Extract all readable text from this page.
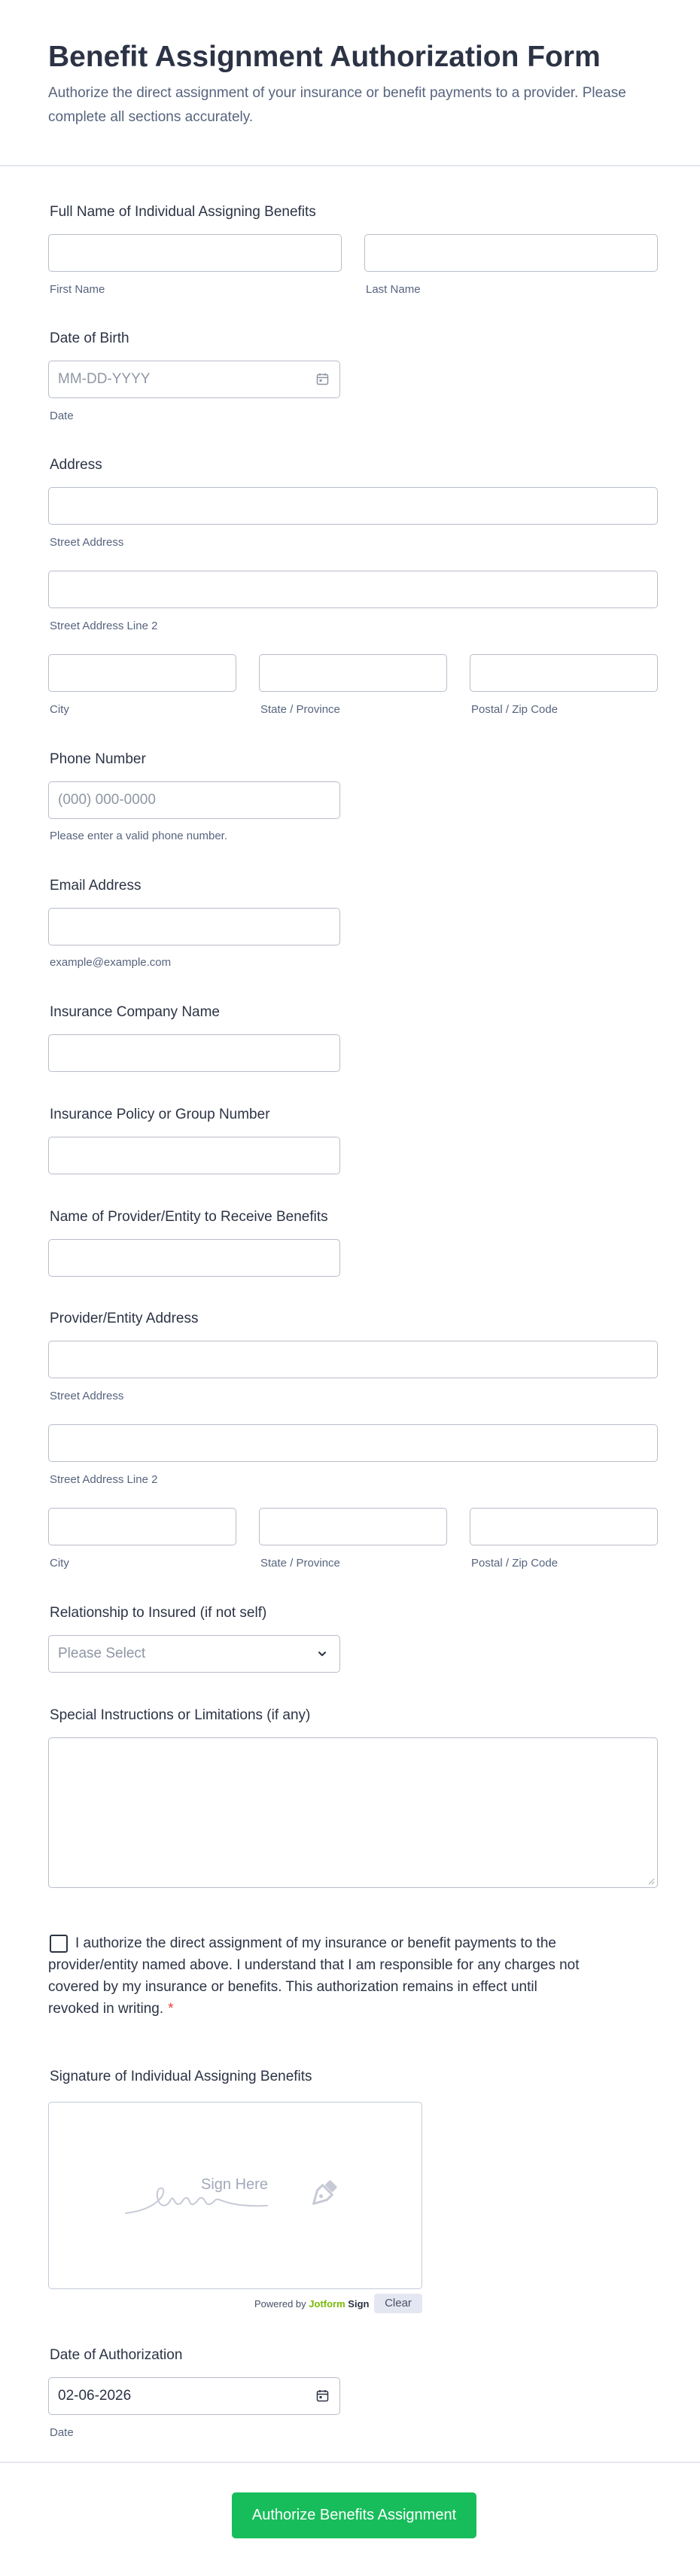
Benefit Assignment Authorization Form

Authorize the direct assignment of your insurance or benefit payments to a provider. Please complete all sections accurately.

Full Name of Individual Assigning Benefits
First Name	Last Name
Date of Birth
MM-DD-YYYY
Date
Address
Street Address
Street Address Line 2
City	State / Province	Postal / Zip Code
Phone Number
(000) 000-0000
Please enter a valid phone number.
Email Address
example@example.com
Insurance Company Name
Insurance Policy or Group Number
Name of Provider/Entity to Receive Benefits
Provider/Entity Address
Street Address
Street Address Line 2
City	State / Province	Postal / Zip Code
Relationship to Insured (if not self)
Please Select
Special Instructions or Limitations (if any)
I authorize the direct assignment of my insurance or benefit payments to the provider/entity named above. I understand that I am responsible for any charges not covered by my insurance or benefits. This authorization remains in effect until revoked in writing. *
Signature of Individual Assigning Benefits
Sign Here
Powered by Jotform Sign	Clear
Date of Authorization
02-06-2026
Date
Authorize Benefits Assignment
